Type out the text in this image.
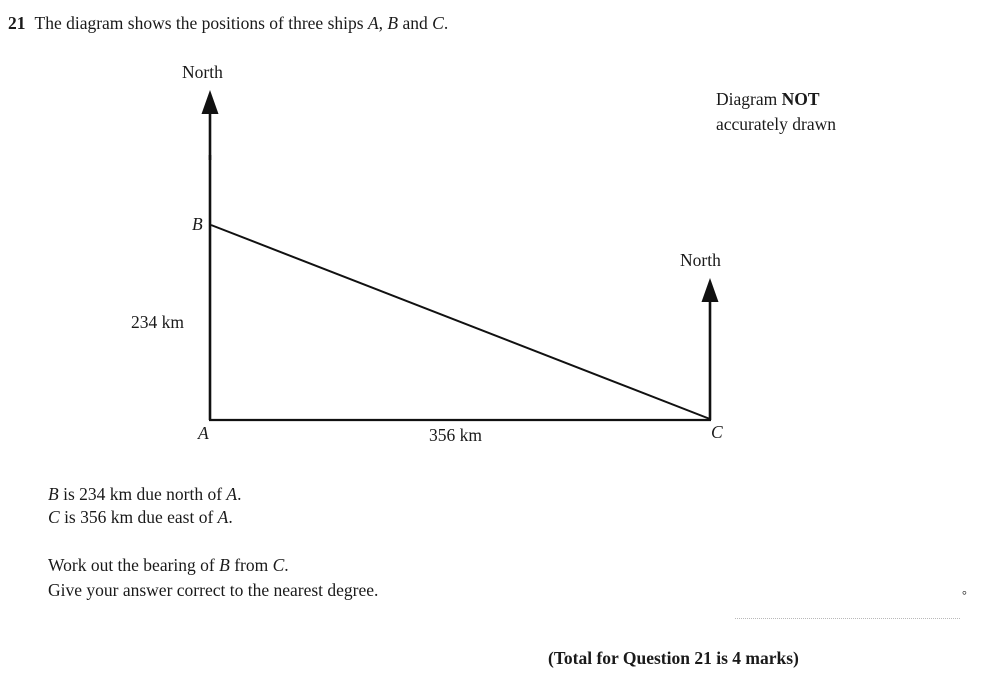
21 The diagram shows the positions of three ships A, B and C.
North
North
B
A	C
234 km
356 km
Diagram NOT
accurately drawn
B is 234 km due north of A.
C is 356 km due east of A.
Work out the bearing of B from C.
Give your answer correct to the nearest degree.	°
(Total for Question 21 is 4 marks)
